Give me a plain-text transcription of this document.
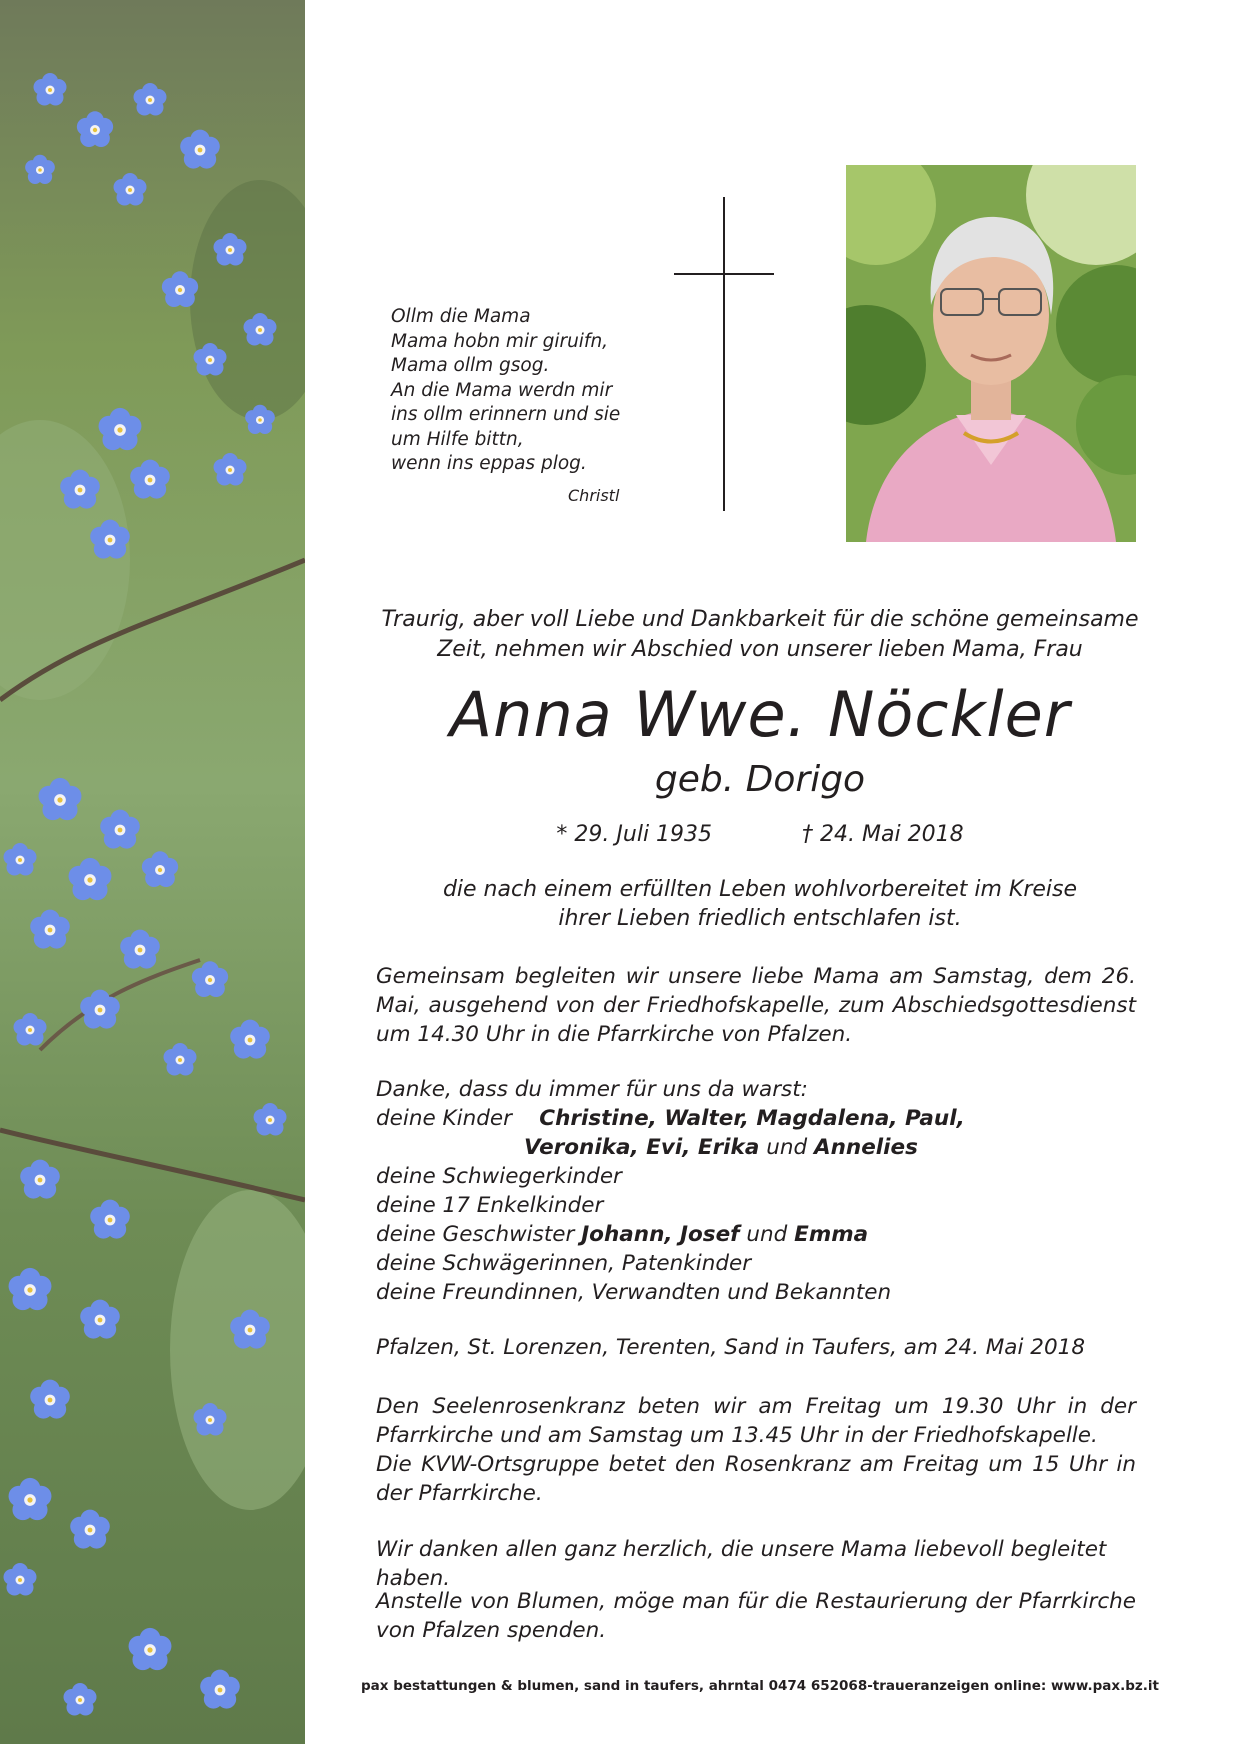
Ollm die Mama
Mama hobn mir giruifn,
Mama ollm gsog.
An die Mama werdn mir
ins ollm erinnern und sie
um Hilfe bittn,
wenn ins eppas plog.
Christl
Traurig, aber voll Liebe und Dankbarkeit für die schöne gemeinsame
Zeit, nehmen wir Abschied von unserer lieben Mama, Frau
Anna Wwe. Nöckler
geb. Dorigo
* 29. Juli 1935	† 24. Mai 2018
die nach einem erfüllten Leben wohlvorbereitet im Kreise
ihrer Lieben friedlich entschlafen ist.
Gemeinsam begleiten wir unsere liebe Mama am Samstag, dem 26. Mai, ausgehend von der Friedhofskapelle, zum Abschiedsgottesdienst um 14.30 Uhr in die Pfarrkirche von Pfalzen.
Danke, dass du immer für uns da warst:
deine Kinder Christine, Walter, Magdalena, Paul,
Veronika, Evi, Erika und Annelies
deine Schwiegerkinder
deine 17 Enkelkinder
deine Geschwister Johann, Josef und Emma
deine Schwägerinnen, Patenkinder
deine Freundinnen, Verwandten und Bekannten
Pfalzen, St. Lorenzen, Terenten, Sand in Taufers, am 24. Mai 2018
Den Seelenrosenkranz beten wir am Freitag um 19.30 Uhr in der Pfarrkirche und am Samstag um 13.45 Uhr in der Friedhofskapelle.
Die KVW-Ortsgruppe betet den Rosenkranz am Freitag um 15 Uhr in der Pfarrkirche.
Wir danken allen ganz herzlich, die unsere Mama liebevoll begleitet haben.
Anstelle von Blumen, möge man für die Restaurierung der Pfarrkirche von Pfalzen spenden.
pax bestattungen & blumen, sand in taufers, ahrntal 0474 652068-traueranzeigen online: www.pax.bz.it
